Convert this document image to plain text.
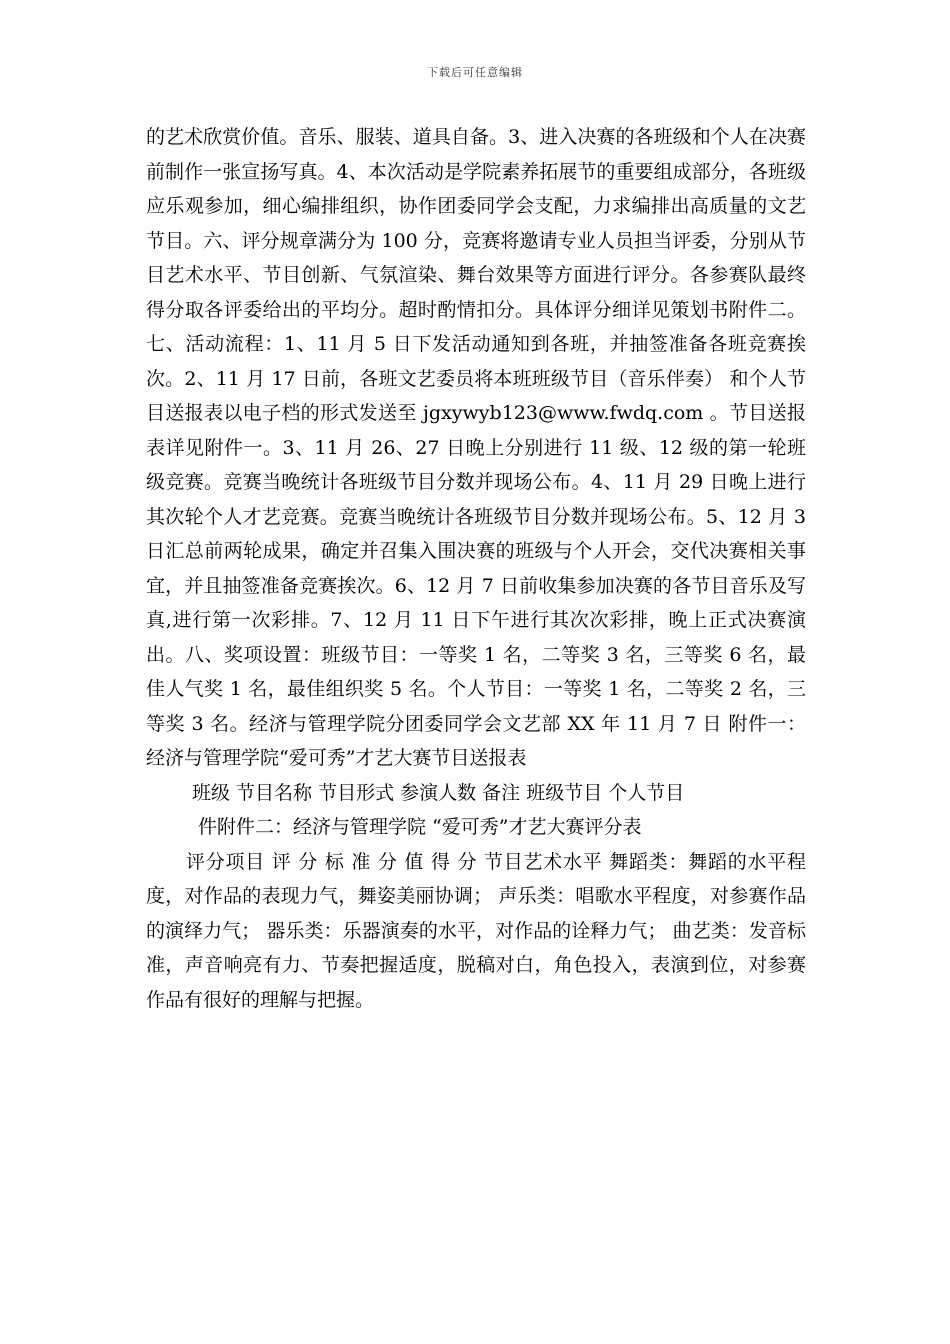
下载后可任意编辑

的艺术欣赏价值。音乐、服装、道具自备。3、进入决赛的各班级和个人在决赛前制作一张宣扬写真。4、本次活动是学院素养拓展节的重要组成部分，各班级应乐观参加，细心编排组织，协作团委同学会支配，力求编排出高质量的文艺节目。六、评分规章满分为 100 分，竞赛将邀请专业人员担当评委，分别从节目艺术水平、节目创新、气氛渲染、舞台效果等方面进行评分。各参赛队最终得分取各评委给出的平均分。超时酌情扣分。具体评分细详见策划书附件二。七、活动流程：1、11 月 5 日下发活动通知到各班，并抽签准备各班竞赛挨次。2、11 月 17 日前，各班文艺委员将本班班级节目（音乐伴奏） 和个人节目送报表以电子档的形式发送至 jgxywyb123@www.fwdq.com 。节目送报表详见附件一。3、11 月 26、27 日晚上分别进行 11 级、12 级的第一轮班级竞赛。竞赛当晚统计各班级节目分数并现场公布。4、11 月 29 日晚上进行其次轮个人才艺竞赛。竞赛当晚统计各班级节目分数并现场公布。5、12 月 3 日汇总前两轮成果，确定并召集入围决赛的班级与个人开会，交代决赛相关事宜，并且抽签准备竞赛挨次。6、12 月 7 日前收集参加决赛的各节目音乐及写真,进行第一次彩排。7、12 月 11 日下午进行其次次彩排，晚上正式决赛演出。八、奖项设置：班级节目：一等奖 1 名，二等奖 3 名，三等奖 6 名，最佳人气奖 1 名，最佳组织奖 5 名。个人节目：一等奖 1 名，二等奖 2 名，三等奖 3 名。经济与管理学院分团委同学会文艺部 XX 年 11 月 7 日 附件一：经济与管理学院“爱可秀”才艺大赛节目送报表

班级 节目名称 节目形式 参演人数 备注 班级节目 个人节目

件附件二：经济与管理学院 “爱可秀”才艺大赛评分表

评分项目 评 分 标 准 分 值 得 分 节目艺术水平 舞蹈类：舞蹈的水平程度，对作品的表现力气，舞姿美丽协调； 声乐类：唱歌水平程度，对参赛作品的演绎力气； 器乐类：乐器演奏的水平，对作品的诠释力气； 曲艺类：发音标准，声音响亮有力、节奏把握适度，脱稿对白，角色投入，表演到位，对参赛作品有很好的理解与把握。
